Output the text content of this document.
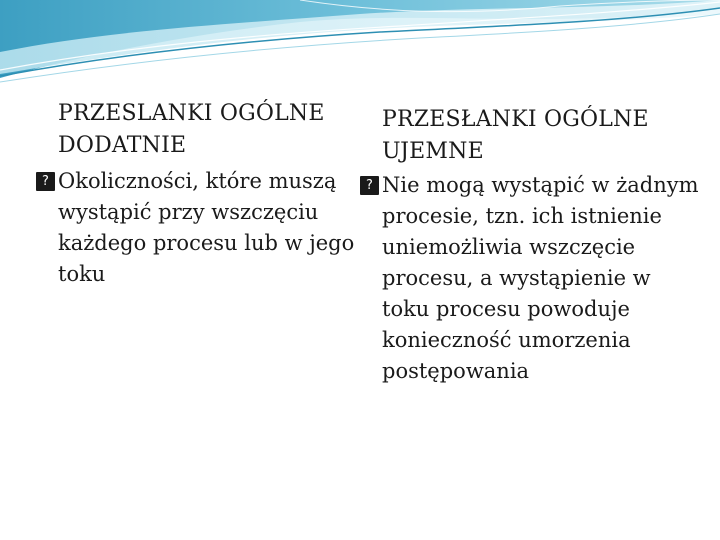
PRZESLANKI OGÓLNE DODATNIE
? Okoliczności, które muszą wystąpić przy wszczęciu każdego procesu lub w jego toku
PRZESŁANKI OGÓLNE UJEMNE
? Nie mogą wystąpić w żadnym procesie, tzn. ich istnienie uniemożliwia wszczęcie procesu, a wystąpienie w toku procesu powoduje konieczność umorzenia postępowania
